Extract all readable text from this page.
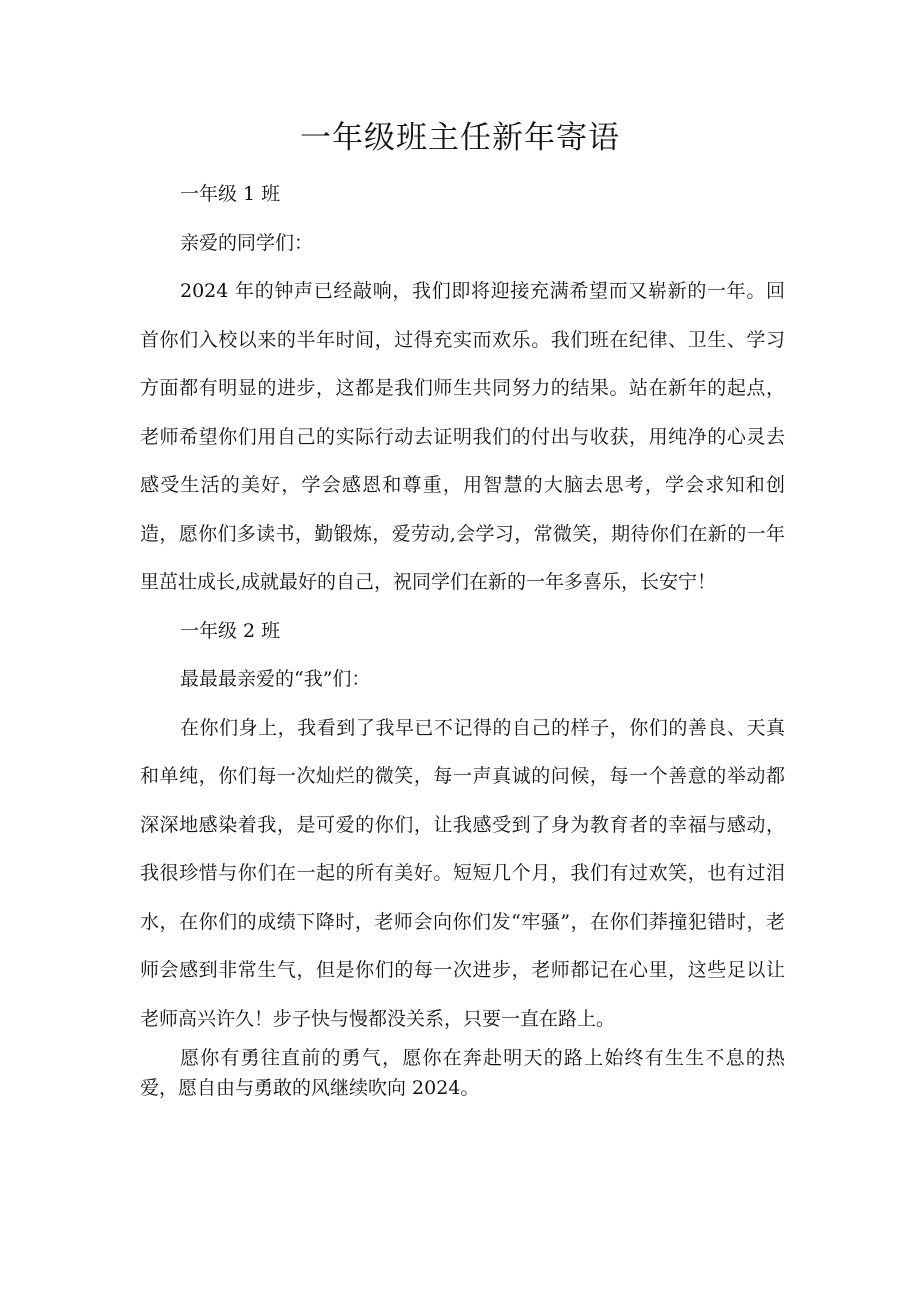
一年级班主任新年寄语

一年级 1 班

亲爱的同学们：

2024 年的钟声已经敲响，我们即将迎接充满希望而又崭新的一年。回首你们入校以来的半年时间，过得充实而欢乐。我们班在纪律、卫生、学习方面都有明显的进步，这都是我们师生共同努力的结果。站在新年的起点，老师希望你们用自己的实际行动去证明我们的付出与收获，用纯净的心灵去感受生活的美好，学会感恩和尊重，用智慧的大脑去思考，学会求知和创造，愿你们多读书，勤锻炼，爱劳动,会学习，常微笑，期待你们在新的一年里茁壮成长,成就最好的自己，祝同学们在新的一年多喜乐，长安宁！

一年级 2 班

最最最亲爱的“我”们：

在你们身上，我看到了我早已不记得的自己的样子，你们的善良、天真和单纯，你们每一次灿烂的微笑，每一声真诚的问候，每一个善意的举动都深深地感染着我，是可爱的你们，让我感受到了身为教育者的幸福与感动，我很珍惜与你们在一起的所有美好。短短几个月，我们有过欢笑，也有过泪水，在你们的成绩下降时，老师会向你们发“牢骚”，在你们莽撞犯错时，老师会感到非常生气，但是你们的每一次进步，老师都记在心里，这些足以让老师高兴许久！步子快与慢都没关系，只要一直在路上。

愿你有勇往直前的勇气，愿你在奔赴明天的路上始终有生生不息的热爱，愿自由与勇敢的风继续吹向 2024。
